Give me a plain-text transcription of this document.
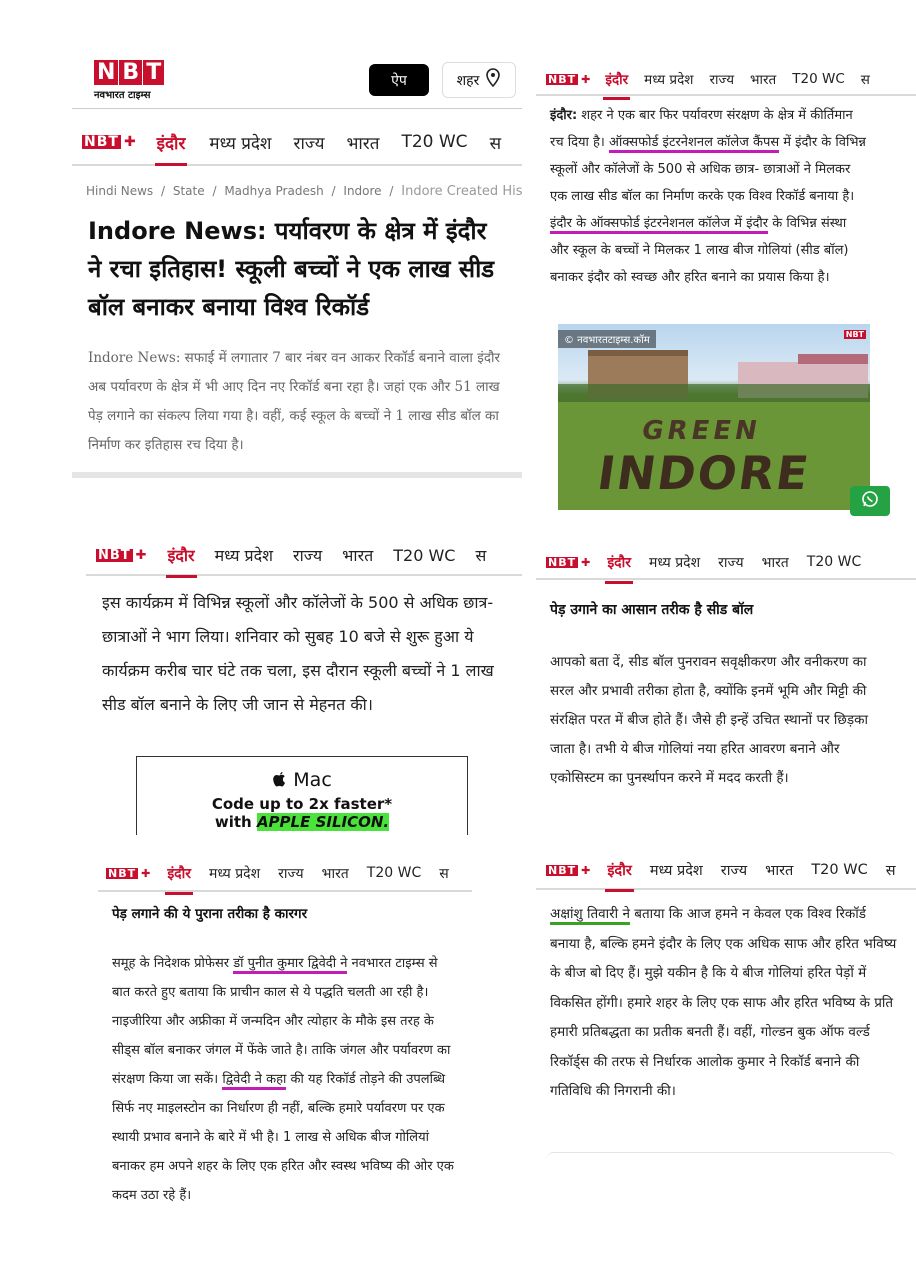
N B T
नवभारत टाइम्स
ऐप	शहर
NBT ✚ इंदौर मध्य प्रदेश राज्य भारत T20 WC स
Hindi News / State / Madhya Pradesh / Indore / Indore Created His
Indore News: पर्यावरण के क्षेत्र में इंदौर ने रचा इतिहास! स्कूली बच्चों ने एक लाख सीड बॉल बनाकर बनाया विश्व रिकॉर्ड
Indore News: सफाई में लगातार 7 बार नंबर वन आकर रिकॉर्ड बनाने वाला इंदौर अब पर्यावरण के क्षेत्र में भी आए दिन नए रिकॉर्ड बना रहा है। जहां एक और 51 लाख पेड़ लगाने का संकल्प लिया गया है। वहीं, कई स्कूल के बच्चों ने 1 लाख सीड बॉल का निर्माण कर इतिहास रच दिया है।
NBT ✚ इंदौर मध्य प्रदेश राज्य भारत T20 WC स
इंदौर: शहर ने एक बार फिर पर्यावरण संरक्षण के क्षेत्र में कीर्तिमान रच दिया है। ऑक्सफोर्ड इंटरनेशनल कॉलेज कैंपस में इंदौर के विभिन्न स्कूलों और कॉलेजों के 500 से अधिक छात्र- छात्राओं ने मिलकर एक लाख सीड बॉल का निर्माण करके एक विश्व रिकॉर्ड बनाया है। इंदौर के ऑक्सफोर्ड इंटरनेशनल कॉलेज में इंदौर के विभिन्न संस्था और स्कूल के बच्चों ने मिलकर 1 लाख बीज गोलियां (सीड बॉल) बनाकर इंदौर को स्वच्छ और हरित बनाने का प्रयास किया है।
GREEN
INDORE
© नवभारतटाइम्स.कॉम
NBT
NBT ✚ इंदौर मध्य प्रदेश राज्य भारत T20 WC स
इस कार्यक्रम में विभिन्न स्कूलों और कॉलेजों के 500 से अधिक छात्र- छात्राओं ने भाग लिया। शनिवार को सुबह 10 बजे से शुरू हुआ ये कार्यक्रम करीब चार घंटे तक चला, इस दौरान स्कूली बच्चों ने 1 लाख सीड बॉल बनाने के लिए जी जान से मेहनत की।
Mac
Code up to 2x faster*
with APPLE SILICON.
NBT ✚ इंदौर मध्य प्रदेश राज्य भारत T20 WC
पेड़ उगाने का आसान तरीक है सीड बॉल
आपको बता दें, सीड बॉल पुनरावन सवृक्षीकरण और वनीकरण का सरल और प्रभावी तरीका होता है, क्योंकि इनमें भूमि और मिट्टी की संरक्षित परत में बीज होते हैं। जैसे ही इन्हें उचित स्थानों पर छिड़का जाता है। तभी ये बीज गोलियां नया हरित आवरण बनाने और एकोसिस्टम का पुनर्स्थापन करने में मदद करती हैं।
NBT ✚ इंदौर मध्य प्रदेश राज्य भारत T20 WC स
पेड़ लगाने की ये पुराना तरीका है कारगर
समूह के निदेशक प्रोफेसर डॉ पुनीत कुमार द्विवेदी ने नवभारत टाइम्स से बात करते हुए बताया कि प्राचीन काल से ये पद्धति चलती आ रही है। नाइजीरिया और अफ्रीका में जन्मदिन और त्योहार के मौके इस तरह के सीड्स बॉल बनाकर जंगल में फेंके जाते है। ताकि जंगल और पर्यावरण का संरक्षण किया जा सकें। द्विवेदी ने कहा की यह रिकॉर्ड तोड़ने की उपलब्धि सिर्फ नए माइलस्टोन का निर्धारण ही नहीं, बल्कि हमारे पर्यावरण पर एक स्थायी प्रभाव बनाने के बारे में भी है। 1 लाख से अधिक बीज गोलियां बनाकर हम अपने शहर के लिए एक हरित और स्वस्थ भविष्य की ओर एक कदम उठा रहे हैं।
NBT ✚ इंदौर मध्य प्रदेश राज्य भारत T20 WC स
अक्षांशु तिवारी ने बताया कि आज हमने न केवल एक विश्व रिकॉर्ड बनाया है, बल्कि हमने इंदौर के लिए एक अधिक साफ और हरित भविष्य के बीज बो दिए हैं। मुझे यकीन है कि ये बीज गोलियां हरित पेड़ों में विकसित होंगी। हमारे शहर के लिए एक साफ और हरित भविष्य के प्रति हमारी प्रतिबद्धता का प्रतीक बनती हैं। वहीं, गोल्डन बुक ऑफ वर्ल्ड रिकॉर्ड्स की तरफ से निर्धारक आलोक कुमार ने रिकॉर्ड बनाने की गतिविधि की निगरानी की।
